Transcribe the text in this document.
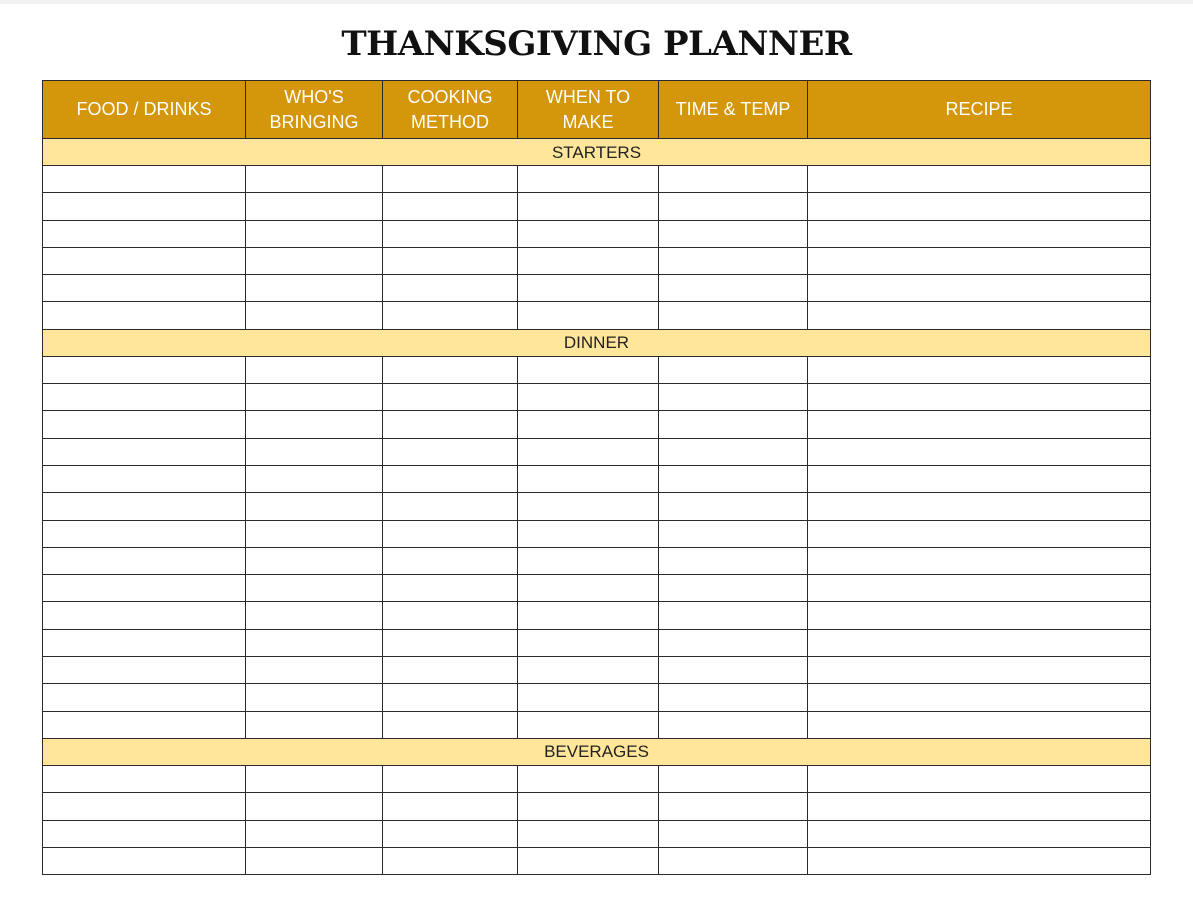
THANKSGIVING PLANNER
FOOD / DRINKS	WHO'S BRINGING	COOKING METHOD	WHEN TO MAKE	TIME & TEMP	RECIPE
STARTERS					

DINNER					

BEVERAGES					
